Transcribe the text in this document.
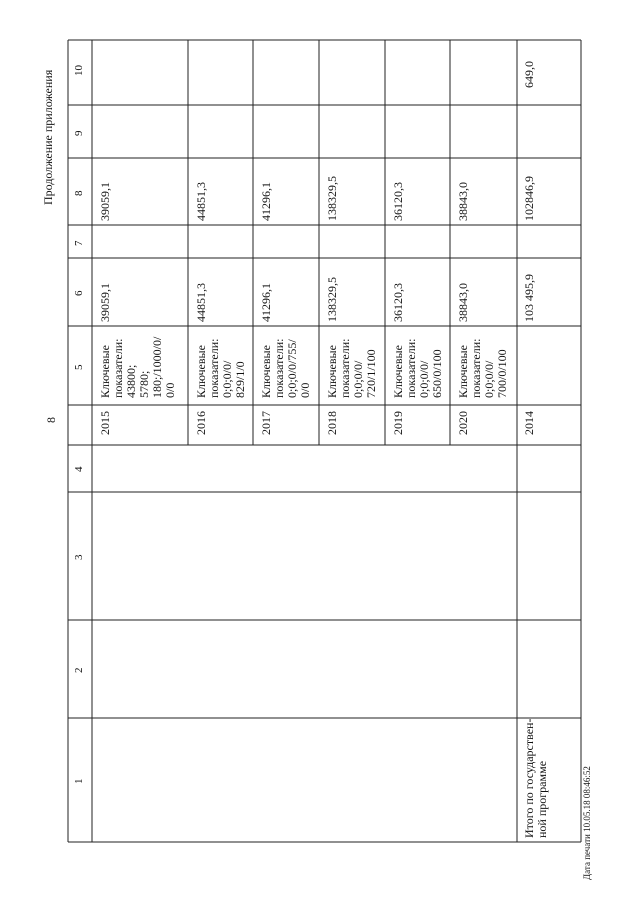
8
Продолжение приложения
Дата печати 10.05.18 08:46:52
10
9
8
7
6
5
4
3
2
1
2015
Ключевые показатели: 43800; 5780; 180;/1000/0/ 0/0
39059,1
39059,1
2016
Ключевые показатели: 0;0;0/0/ 829/1/0
44851,3
44851,3
2017
Ключевые показатели: 0;0;0/0/755/ 0/0
41296,1
41296,1
2018
Ключевые показатели: 0;0;0/0/ 720/1/100
138329,5
138329,5
2019
Ключевые показатели: 0;0;0/0/ 650/0/100
36120,3
36120,3
2020
Ключевые показатели: 0;0;0/0/ 700/0/100
38843,0
38843,0
Итого по государствен- ной программе
2014
103 495,9
102846,9
649,0
